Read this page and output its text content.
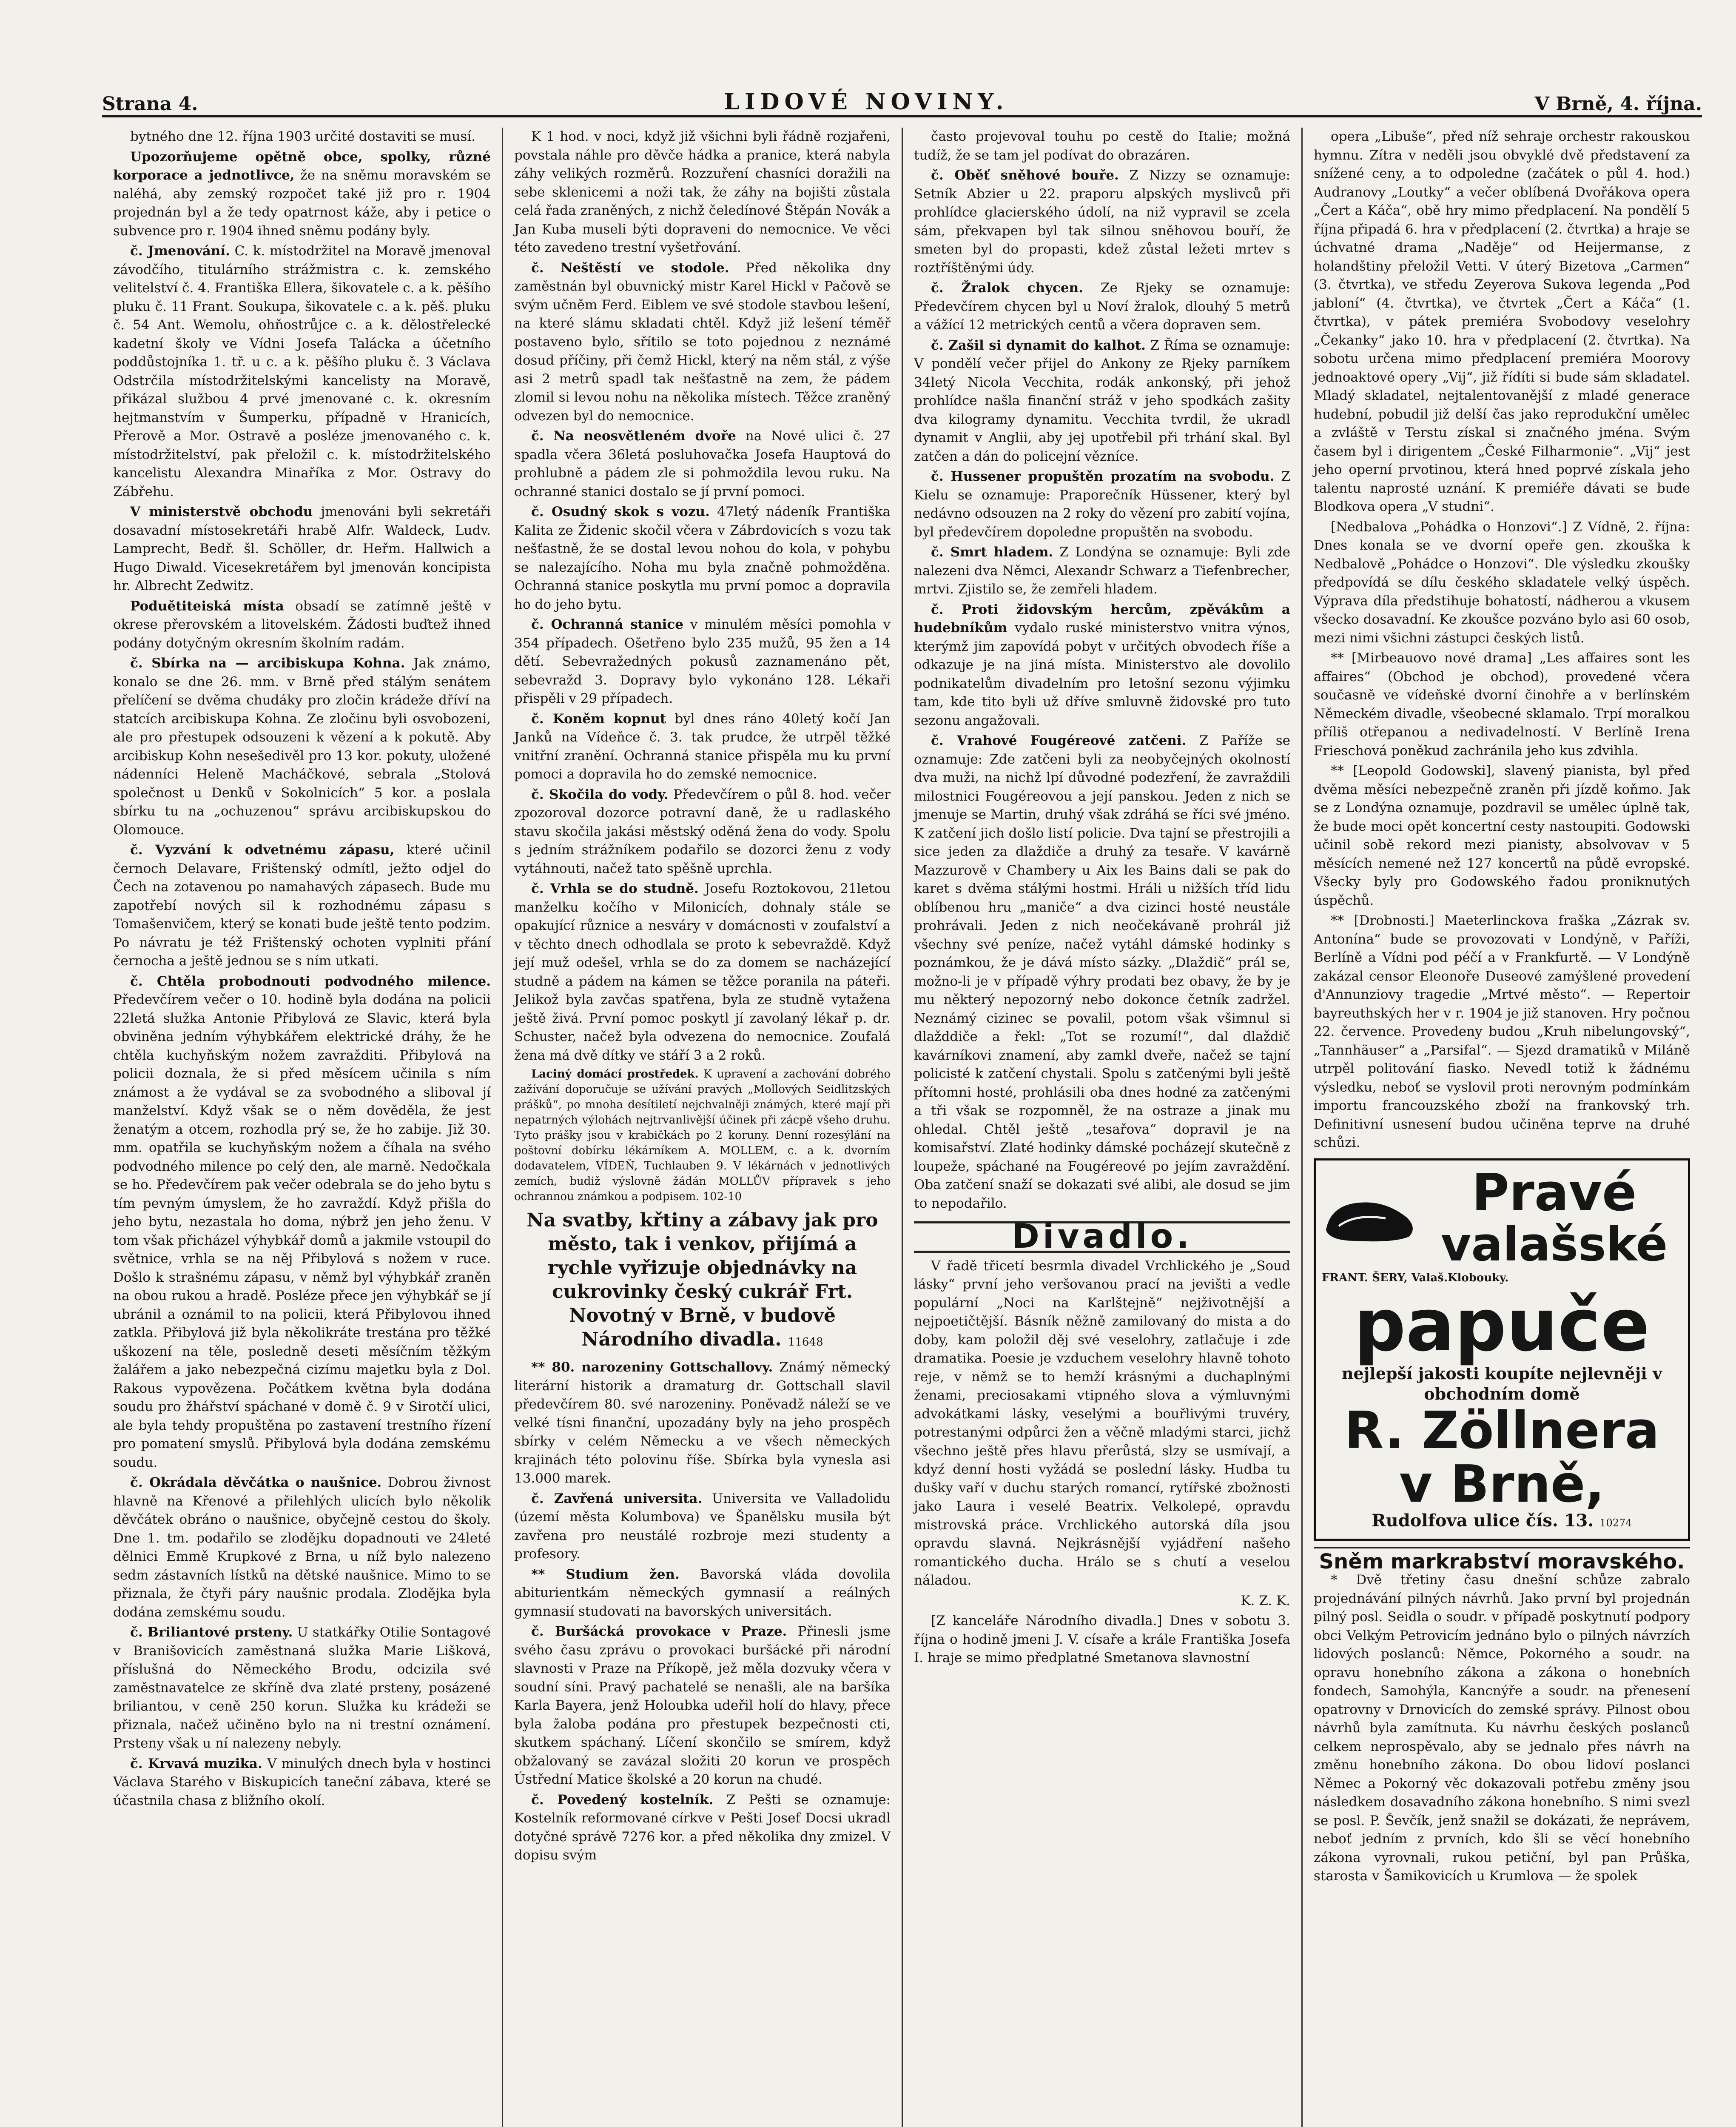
Strana 4.	LIDOVÉ NOVINY.	V Brně, 4. října.

bytného dne 12. října 1903 určité dostaviti se musí.

Upozorňujeme opětně obce, spolky, různé korporace a jednotlivce, že na sněmu moravském se naléhá, aby zemský rozpočet také již pro r. 1904 projednán byl a že tedy opatrnost káže, aby i petice o subvence pro r. 1904 ihned sněmu podány byly.

č. Jmenování. C. k. místodržitel na Moravě jmenoval závodčího, titulárního strážmistra c. k. zemského velitelství č. 4. Františka Ellera, šikovatele c. a k. pěšího pluku č. 11 Frant. Soukupa, šikovatele c. a k. pěš. pluku č. 54 Ant. Wemolu, ohňostrůjce c. a k. dělostřelecké kadetní školy ve Vídni Josefa Talácka a účetního poddůstojníka 1. tř. u c. a k. pěšího pluku č. 3 Václava Odstrčila místodržitelskými kancelisty na Moravě, přikázal službou 4 prvé jmenované c. k. okresním hejtmanstvím v Šumperku, případně v Hranicích, Přerově a Mor. Ostravě a posléze jmenovaného c. k. místodržitelství, pak přeložil c. k. místodržitelského kancelistu Alexandra Minaříka z Mor. Ostravy do Zábřehu.

V ministerstvě obchodu jmenováni byli sekretáři dosavadní místosekretáři hrabě Alfr. Waldeck, Ludv. Lamprecht, Bedř. šl. Schöller, dr. Heřm. Hallwich a Hugo Diwald. Vicesekretářem byl jmenován koncipista hr. Albrecht Zedwitz.

Poduětiteiská místa obsadí se zatímně ještě v okrese přerovském a litovelském. Žádosti buďtež ihned podány dotyčným okresním školním radám.

č. Sbírka na — arcibiskupa Kohna. Jak známo, konalo se dne 26. mm. v Brně před stálým senátem přelíčení se dvěma chudáky pro zločin krádeže dříví na statcích arcibiskupa Kohna. Ze zločinu byli osvobozeni, ale pro přestupek odsouzeni k vězení a k pokutě. Aby arcibiskup Kohn nesešedivěl pro 13 kor. pokuty, uložené nádenníci Heleně Macháčkové, sebrala „Stolová společnost u Denků v Sokolnicích“ 5 kor. a poslala sbírku tu na „ochuzenou“ správu arcibiskupskou do Olomouce.

č. Vyzvání k odvetnému zápasu, které učinil černoch Delavare, Frištenský odmítl, ježto odjel do Čech na zotavenou po namahavých zápasech. Bude mu zapotřebí nových sil k rozhodnému zápasu s Tomašenvičem, který se konati bude ještě tento podzim. Po návratu je též Frištenský ochoten vyplniti přání černocha a ještě jednou se s ním utkati.

č. Chtěla probodnouti podvodného milence. Předevčírem večer o 10. hodině byla dodána na policii 22letá služka Antonie Přibylová ze Slavic, která byla obviněna jedním výhybkářem elektrické dráhy, že he chtěla kuchyňským nožem zavražditi. Přibylová na policii doznala, že si před měsícem učinila s ním známost a že vydával se za svobodného a sliboval jí manželství. Když však se o něm dověděla, že jest ženatým a otcem, rozhodla prý se, že ho zabije. Již 30. mm. opatřila se kuchyňským nožem a číhala na svého podvodného milence po celý den, ale marně. Nedočkala se ho. Předevčírem pak večer odebrala se do jeho bytu s tím pevným úmyslem, že ho zavraždí. Když přišla do jeho bytu, nezastala ho doma, nýbrž jen jeho ženu. V tom však přicházel výhybkář domů a jakmile vstoupil do světnice, vrhla se na něj Přibylová s nožem v ruce. Došlo k strašnému zápasu, v němž byl výhybkář zraněn na obou rukou a hradě. Posléze přece jen výhybkář se jí ubránil a oznámil to na policii, která Přibylovou ihned zatkla. Přibylová již byla několikráte trestána pro těžké uškození na těle, posledně deseti měsíčním těžkým žalářem a jako nebezpečná cizímu majetku byla z Dol. Rakous vypovězena. Počátkem května byla dodána soudu pro žhářství spáchané v domě č. 9 v Sirotčí ulici, ale byla tehdy propuštěna po zastavení trestního řízení pro pomatení smyslů. Přibylová byla dodána zemskému soudu.

č. Okrádala děvčátka o naušnice. Dobrou živnost hlavně na Křenové a přilehlých ulicích bylo několik děvčátek obráno o naušnice, obyčejně cestou do školy. Dne 1. tm. podařilo se zlodějku dopadnouti ve 24leté dělnici Emmě Krupkové z Brna, u níž bylo nalezeno sedm zástavních lístků na dětské naušnice. Mimo to se přiznala, že čtyři páry naušnic prodala. Zlodějka byla dodána zemskému soudu.

č. Briliantové prsteny. U statkářky Otilie Sontagové v Branišovicích zaměstnaná služka Marie Lišková, příslušná do Německého Brodu, odcizila své zaměstnavatelce ze skříně dva zlaté prsteny, posázené briliantou, v ceně 250 korun. Služka ku krádeži se přiznala, načež učiněno bylo na ni trestní oznámení. Prsteny však u ní nalezeny nebyly.

č. Krvavá muzika. V minulých dnech byla v hostinci Václava Starého v Biskupicích taneční zábava, které se účastnila chasa z bližního okolí.

K 1 hod. v noci, když již všichni byli řádně rozjařeni, povstala náhle pro děvče hádka a pranice, která nabyla záhy velikých rozměrů. Rozzuření chasníci doražili na sebe sklenicemi a noži tak, že záhy na bojišti zůstala celá řada zraněných, z nichž čeledínové Štěpán Novák a Jan Kuba museli býti dopraveni do nemocnice. Ve věci této zavedeno trestní vyšetřování.

č. Neštěstí ve stodole. Před několika dny zaměstnán byl obuvnický mistr Karel Hickl v Pačově se svým učněm Ferd. Eiblem ve své stodole stavbou lešení, na které slámu skladati chtěl. Když již lešení téměř postaveno bylo, sřítilo se toto pojednou z neznámé dosud příčiny, při čemž Hickl, který na něm stál, z výše asi 2 metrů spadl tak nešťastně na zem, že pádem zlomil si levou nohu na několika místech. Těžce zraněný odvezen byl do nemocnice.

č. Na neosvětleném dvoře na Nové ulici č. 27 spadla včera 36letá posluhovačka Josefa Hauptová do prohlubně a pádem zle si pohmoždila levou ruku. Na ochranné stanici dostalo se jí první pomoci.

č. Osudný skok s vozu. 47letý nádeník Františka Kalita ze Židenic skočil včera v Zábrdovicích s vozu tak nešťastně, že se dostal levou nohou do kola, v pohybu se nalezajícího. Noha mu byla značně pohmožděna. Ochranná stanice poskytla mu první pomoc a dopravila ho do jeho bytu.

č. Ochranná stanice v minulém měsíci pomohla v 354 případech. Ošetřeno bylo 235 mužů, 95 žen a 14 dětí. Sebevražedných pokusů zaznamenáno pět, sebevražd 3. Dopravy bylo vykonáno 128. Lékaři přispěli v 29 případech.

č. Koněm kopnut byl dnes ráno 40letý kočí Jan Janků na Vídeňce č. 3. tak prudce, že utrpěl těžké vnitřní zranění. Ochranná stanice přispěla mu ku první pomoci a dopravila ho do zemské nemocnice.

č. Skočila do vody. Předevčírem o půl 8. hod. večer zpozoroval dozorce potravní daně, že u radlaského stavu skočila jakási městský oděná žena do vody. Spolu s jedním strážníkem podařilo se dozorci ženu z vody vytáhnouti, načež tato spěšně uprchla.

č. Vrhla se do studně. Josefu Roztokovou, 21letou manželku kočího v Milonicích, dohnaly stále se opakující různice a nesváry v domácnosti v zoufalství a v těchto dnech odhodlala se proto k sebevraždě. Když její muž odešel, vrhla se do za domem se nacházející studně a pádem na kámen se těžce poranila na páteři. Jelikož byla zavčas spatřena, byla ze studně vytažena ještě živá. První pomoc poskytl jí zavolaný lékař p. dr. Schuster, načež byla odvezena do nemocnice. Zoufalá žena má dvě dítky ve stáří 3 a 2 roků.

Laciný domácí prostředek. K upravení a zachování dobrého zažívání doporučuje se užívání pravých „Mollových Seidlitzských prášků“, po mnoha desítiletí nejchvalněji známých, které mají při nepatrných výlohách nejtrvanlivější účinek při zácpě všeho druhu. Tyto prášky jsou v krabičkách po 2 koruny. Denní rozesýlání na poštovní dobírku lékárníkem A. MOLLEM, c. a k. dvorním dodavatelem, VÍDEŇ, Tuchlauben 9. V lékárnách v jednotlivých zemích, budiž výslovně žádán MOLLŮV přípravek s jeho ochrannou známkou a podpisem. 102-10

Na svatby, křtiny a zábavy jak pro město, tak i venkov, přijímá a rychle vyřizuje objednávky na cukrovinky český cukrář Frt. Novotný v Brně, v budově Národního divadla. 11648

** 80. narozeniny Gottschallovy. Známý německý literární historik a dramaturg dr. Gottschall slavil předevčírem 80. své narozeniny. Poněvadž náleží se ve velké tísni finanční, upozadány byly na jeho prospěch sbírky v celém Německu a ve všech německých krajinách této polovinu říše. Sbírka byla vynesla asi 13.000 marek.

č. Zavřená universita. Universita ve Valladolidu (území města Kolumbova) ve Španělsku musila být zavřena pro neustálé rozbroje mezi studenty a profesory.

** Studium žen. Bavorská vláda dovolila abiturientkám německých gymnasií a reálných gymnasií studovati na bavorských universitách.

č. Buršácká provokace v Praze. Přinesli jsme svého času zprávu o provokaci buršácké při národní slavnosti v Praze na Příkopě, jež měla dozvuky včera v soudní síni. Pravý pachatelé se nenašli, ale na baršíka Karla Bayera, jenž Holoubka udeřil holí do hlavy, přece byla žaloba podána pro přestupek bezpečnosti cti, skutkem spáchaný. Líčení skončilo se smírem, když obžalovaný se zavázal složiti 20 korun ve prospěch Ústřední Matice školské a 20 korun na chudé.

č. Povedený kostelník. Z Pešti se oznamuje: Kostelník reformované církve v Pešti Josef Docsi ukradl dotyčné správě 7276 kor. a před několika dny zmizel. V dopisu svým

často projevoval touhu po cestě do Italie; možná tudíž, že se tam jel podívat do obrazáren.

č. Oběť sněhové bouře. Z Nizzy se oznamuje: Setník Abzier u 22. praporu alpských myslivců při prohlídce glacierského údolí, na niž vypravil se zcela sám, překvapen byl tak silnou sněhovou bouří, že smeten byl do propasti, kdež zůstal ležeti mrtev s roztříštěnými údy.

č. Žralok chycen. Ze Rjeky se oznamuje: Předevčírem chycen byl u Noví žralok, dlouhý 5 metrů a vážící 12 metrických centů a včera dopraven sem.

č. Zašil si dynamit do kalhot. Z Říma se oznamuje: V pondělí večer přijel do Ankony ze Rjeky parníkem 34letý Nicola Vecchita, rodák ankonský, při jehož prohlídce našla finanční stráž v jeho spodkách zašity dva kilogramy dynamitu. Vecchita tvrdil, že ukradl dynamit v Anglii, aby jej upotřebil při trhání skal. Byl zatčen a dán do policejní vězníce.

č. Hussener propuštěn prozatím na svobodu. Z Kielu se oznamuje: Praporečník Hüssener, který byl nedávno odsouzen na 2 roky do vězení pro zabití vojína, byl předevčírem dopoledne propuštěn na svobodu.

č. Smrt hladem. Z Londýna se oznamuje: Byli zde nalezeni dva Němci, Alexandr Schwarz a Tiefenbrecher, mrtvi. Zjistilo se, že zemřeli hladem.

č. Proti židovským hercům, zpěvákům a hudebníkům vydalo ruské ministerstvo vnitra výnos, kterýmž jim zapovídá pobyt v určitých obvodech říše a odkazuje je na jiná místa. Ministerstvo ale dovolilo podnikatelům divadelním pro letošní sezonu výjimku tam, kde tito byli už dříve smluvně židovské pro tuto sezonu angažovali.

č. Vrahové Fougéreové zatčeni. Z Paříže se oznamuje: Zde zatčeni byli za neobyčejných okolností dva muži, na nichž lpí důvodné podezření, že zavraždili milostnici Fougéreovou a její panskou. Jeden z nich se jmenuje se Martin, druhý však zdráhá se říci své jméno. K zatčení jich došlo listí policie. Dva tajní se přestrojili a sice jeden za dlaždiče a druhý za tesaře. V kavárně Mazzurově v Chambery u Aix les Bains dali se pak do karet s dvěma stálými hostmi. Hráli u nižších tříd lidu oblíbenou hru „maniče“ a dva cizinci hosté neustále prohrávali. Jeden z nich neočekávaně prohrál již všechny své peníze, načež vytáhl dámské hodinky s poznámkou, že je dává místo sázky. „Dlaždič“ prál se, možno-li je v případě výhry prodati bez obavy, že by je mu některý nepozorný nebo dokonce četník zadržel. Neznámý cizinec se povalil, potom však všimnul si dlažddiče a řekl: „Tot se rozumí!“, dal dlaždič kavárníkovi znamení, aby zamkl dveře, načež se tajní policisté k zatčení chystali. Spolu s zatčenými byli ještě přítomni hosté, prohlásili oba dnes hodné za zatčenými a tři však se rozpomněl, že na ostraze a jinak mu ohledal. Chtěl ještě „tesařova“ dopravil je na komisařství. Zlaté hodinky dámské pocházejí skutečně z loupeže, spáchané na Fougéreové po jejím zavraždění. Oba zatčení snaží se dokazati své alibi, ale dosud se jim to nepodařilo.

Divadlo.

V řadě třicetí besrmla divadel Vrchlického je „Soud lásky“ první jeho veršovanou prací na jevišti a vedle populární „Noci na Karlštejně“ nejživotnější a nejpoetičtější. Básník něžně zamilovaný do mista a do doby, kam položil děj své veselohry, zatlačuje i zde dramatika. Poesie je vzduchem veselohry hlavně tohoto reje, v němž se to hemží krásnými a duchaplnými ženami, preciosakami vtipného slova a výmluvnými advokátkami lásky, veselými a bouřlivými truvéry, potrestanými odpůrci žen a věčně mladými starci, jichž všechno ještě přes hlavu přerůstá, slzy se usmívají, a kdyź denní hosti vyžádá se poslední lásky. Hudba tu dušky vaří v duchu starých romancí, rytířské zbožnosti jako Laura i veselé Beatrix. Velkolepé, opravdu mistrovská práce. Vrchlického autorská díla jsou opravdu slavná. Nejkrásnější vyjádření našeho romantického ducha. Hrálo se s chutí a veselou náladou.

K. Z. K.

[Z kanceláře Národního divadla.] Dnes v sobotu 3. října o hodině jmeni J. V. císaře a krále Františka Josefa I. hraje se mimo předplatné Smetanova slavnostní

opera „Libuše“, před níž sehraje orchestr rakouskou hymnu. Zítra v neděli jsou obvyklé dvě představení za snížené ceny, a to odpoledne (začátek o půl 4. hod.) Audranovy „Loutky“ a večer oblíbená Dvořákova opera „Čert a Káča“, obě hry mimo předplacení. Na pondělí 5 října připadá 6. hra v předplacení (2. čtvrtka) a hraje se úchvatné drama „Naděje“ od Heijermanse, z holandštiny přeložil Vetti. V úterý Bizetova „Carmen“ (3. čtvrtka), ve středu Zeyerova Sukova legenda „Pod jabloní“ (4. čtvrtka), ve čtvrtek „Čert a Káča“ (1. čtvrtka), v pátek premiéra Svobodovy veselohry „Čekanky“ jako 10. hra v předplacení (2. čtvrtka). Na sobotu určena mimo předplacení premiéra Moorovy jednoaktové opery „Vij“, již řídíti si bude sám skladatel. Mladý skladatel, nejtalentovanější z mladé generace hudební, pobudil již delší čas jako reprodukční umělec a zvláště v Terstu získal si značného jména. Svým časem byl i dirigentem „České Filharmonie“. „Vij“ jest jeho operní prvotinou, která hned poprvé získala jeho talentu naprosté uznání. K premiéře dávati se bude Blodkova opera „V studni“.

[Nedbalova „Pohádka o Honzovi“.] Z Vídně, 2. října: Dnes konala se ve dvorní opeře gen. zkouška k Nedbalově „Pohádce o Honzovi“. Dle výsledku zkoušky předpovídá se dílu českého skladatele velký úspěch. Výprava díla předstihuje bohatostí, nádherou a vkusem všecko dosavadní. Ke zkoušce pozváno bylo asi 60 osob, mezi nimi všichni zástupci českých listů.

** [Mirbeauovo nové drama] „Les affaires sont les affaires“ (Obchod je obchod), provedené včera současně ve vídeňské dvorní činohře a v berlínském Německém divadle, všeobecné sklamalo. Trpí moralkou příliš otřepanou a nedivadelností. V Berlíně Irena Frieschová poněkud zachránila jeho kus zdvihla.

** [Leopold Godowski], slavený pianista, byl před dvěma měsíci nebezpečně zraněn při jízdě koňmo. Jak se z Londýna oznamuje, pozdravil se umělec úplně tak, že bude moci opět koncertní cesty nastoupiti. Godowski učinil sobě rekord mezi pianisty, absolvovav v 5 měsících nemené než 127 koncertů na půdě evropské. Všecky byly pro Godowského řadou proniknutých úspěchů.

** [Drobnosti.] Maeterlinckova fraška „Zázrak sv. Antonína“ bude se provozovati v Londýně, v Paříži, Berlíně a Vídni pod péčí a v Frankfurtě. — V Londýně zakázal censor Eleonoře Duseové zamýšlené provedení d'Annunziovy tragedie „Mrtvé město“. — Repertoir bayreuthských her v r. 1904 je již stanoven. Hry počnou 22. července. Provedeny budou „Kruh nibelungovský“, „Tannhäuser“ a „Parsifal“. — Sjezd dramatiků v Miláně utrpěl politování fiasko. Nevedl totiž k žádnému výsledku, neboť se vyslovil proti nerovným podmínkám importu francouzského zboží na frankovský trh. Definitivní usnesení budou učiněna teprve na druhé schůzi.

Pravé
valašské
FRANT. ŠERY, Valaš.Klobouky.
papuče
nejlepší jakosti koupíte nejlevněji v obchodním domě
R. Zöllnera v Brně,
Rudolfova ulice čís. 13. 10274
Sněm markrabství moravského.

* Dvě třetiny času dnešní schůze zabralo projednávání pilných návrhů. Jako první byl projednán pilný posl. Seidla o soudr. v případě poskytnutí podpory obci Velkým Petrovicím jednáno bylo o pilných návrzích lidových poslanců: Němce, Pokorného a soudr. na opravu honebního zákona a zákona o honebních fondech, Samohýla, Kancnýře a soudr. na přenesení opatrovny v Drnovicích do zemské správy. Pilnost obou návrhů byla zamítnuta. Ku návrhu českých poslanců celkem neprospěvalo, aby se jednalo přes návrh na změnu honebního zákona. Do obou lidoví poslanci Němec a Pokorný věc dokazovali potřebu změny jsou následkem dosavadního zákona honebního. S nimi svezl se posl. P. Ševčík, jenž snažil se dokázati, že neprávem, neboť jedním z prvních, kdo šli se věcí honebního zákona vyrovnali, rukou petiční, byl pan Průška, starosta v Šamikovicích u Krumlova — že spolek
